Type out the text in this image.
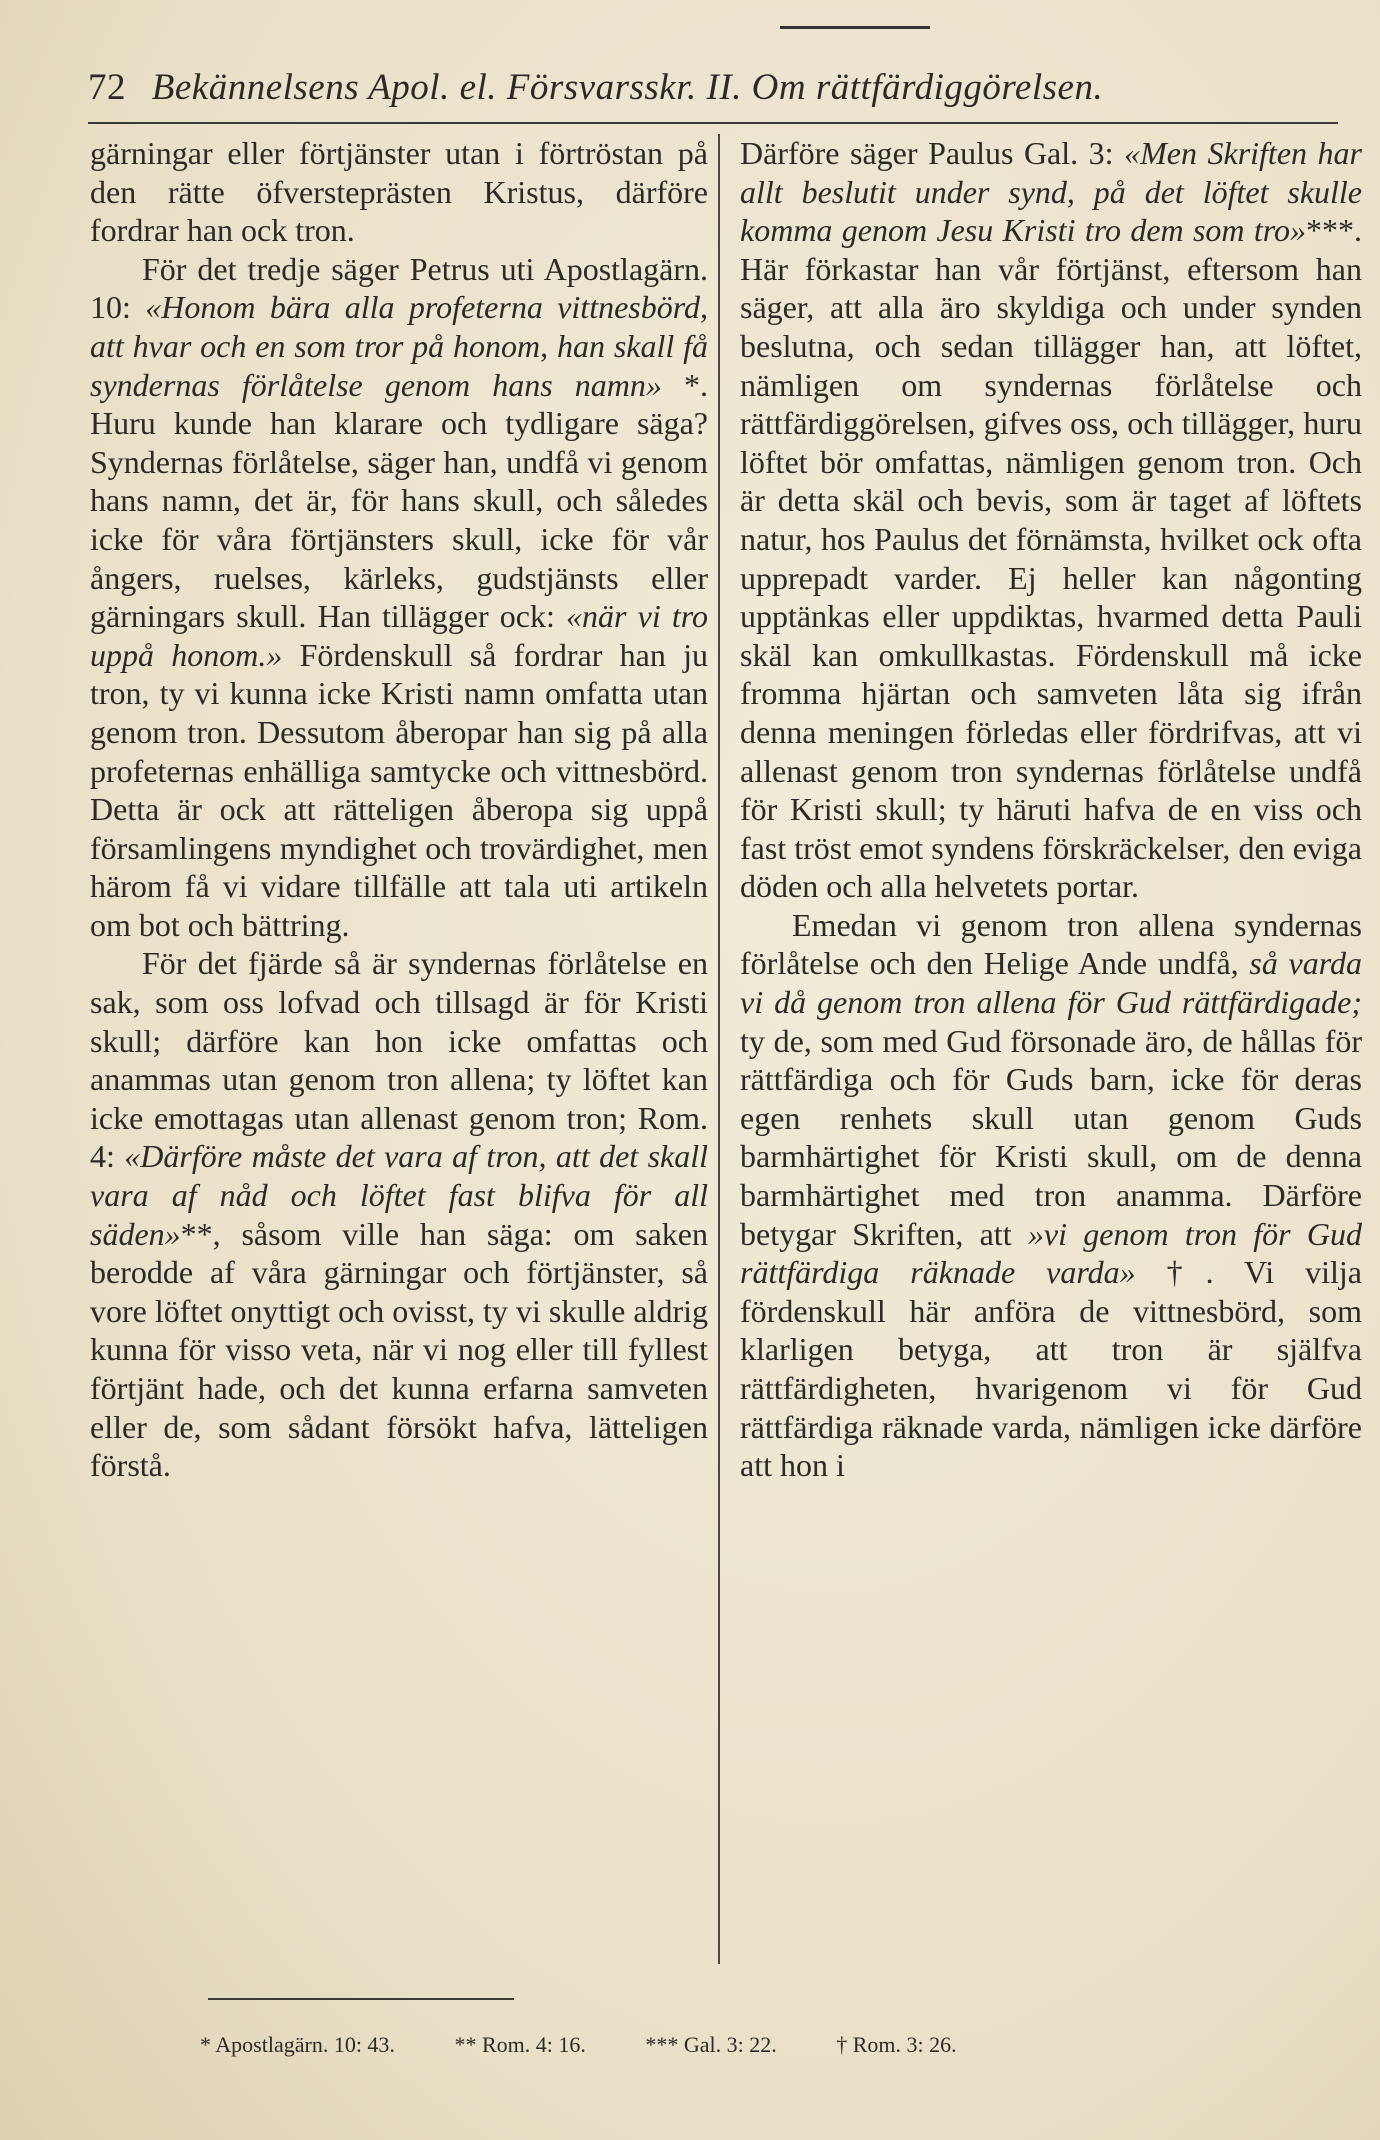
72 Bekännelsens Apol. el. Försvarsskr. II. Om rättfärdiggörelsen.

gärningar eller förtjänster utan i förtröstan på den rätte öfversteprästen Kristus, därföre fordrar han ock tron.

För det tredje säger Petrus uti Apostlagärn. 10: «Honom bära alla profeterna vittnesbörd, att hvar och en som tror på honom, han skall få syndernas förlåtelse genom hans namn» *. Huru kunde han klarare och tydligare säga? Syndernas förlåtelse, säger han, undfå vi genom hans namn, det är, för hans skull, och således icke för våra förtjänsters skull, icke för vår ångers, ruelses, kärleks, gudstjänsts eller gärningars skull. Han tillägger ock: «när vi tro uppå honom.» Fördenskull så fordrar han ju tron, ty vi kunna icke Kristi namn omfatta utan genom tron. Dessutom åberopar han sig på alla profeternas enhälliga samtycke och vittnesbörd. Detta är ock att rätteligen åberopa sig uppå församlingens myndighet och trovärdighet, men härom få vi vidare tillfälle att tala uti artikeln om bot och bättring.

För det fjärde så är syndernas förlåtelse en sak, som oss lofvad och tillsagd är för Kristi skull; därföre kan hon icke omfattas och anammas utan genom tron allena; ty löftet kan icke emottagas utan allenast genom tron; Rom. 4: «Därföre måste det vara af tron, att det skall vara af nåd och löftet fast blifva för all säden»**, såsom ville han säga: om saken berodde af våra gärningar och förtjänster, så vore löftet onyttigt och ovisst, ty vi skulle aldrig kunna för visso veta, när vi nog eller till fyllest förtjänt hade, och det kunna erfarna samveten eller de, som sådant försökt hafva, lätteligen förstå.

Därföre säger Paulus Gal. 3: «Men Skriften har allt beslutit under synd, på det löftet skulle komma genom Jesu Kristi tro dem som tro»***. Här förkastar han vår förtjänst, eftersom han säger, att alla äro skyldiga och under synden beslutna, och sedan tillägger han, att löftet, nämligen om syndernas förlåtelse och rättfärdiggörelsen, gifves oss, och tillägger, huru löftet bör omfattas, nämligen genom tron. Och är detta skäl och bevis, som är taget af löftets natur, hos Paulus det förnämsta, hvilket ock ofta upprepadt varder. Ej heller kan någonting upptänkas eller uppdiktas, hvarmed detta Pauli skäl kan omkullkastas. Fördenskull må icke fromma hjärtan och samveten låta sig ifrån denna meningen förledas eller fördrifvas, att vi allenast genom tron syndernas förlåtelse undfå för Kristi skull; ty häruti hafva de en viss och fast tröst emot syndens förskräckelser, den eviga döden och alla helvetets portar.

Emedan vi genom tron allena syndernas förlåtelse och den Helige Ande undfå, så varda vi då genom tron allena för Gud rättfärdigade; ty de, som med Gud försonade äro, de hållas för rättfärdiga och för Guds barn, icke för deras egen renhets skull utan genom Guds barmhärtighet för Kristi skull, om de denna barmhärtighet med tron anamma. Därföre betygar Skriften, att »vi genom tron för Gud rättfärdiga räknade varda» †. Vi vilja fördenskull här anföra de vittnesbörd, som klarligen betyga, att tron är själfva rättfärdigheten, hvarigenom vi för Gud rättfärdiga räknade varda, nämligen icke därföre att hon i

* Apostlagärn. 10: 43.	** Rom. 4: 16.	*** Gal. 3: 22.	† Rom. 3: 26.
